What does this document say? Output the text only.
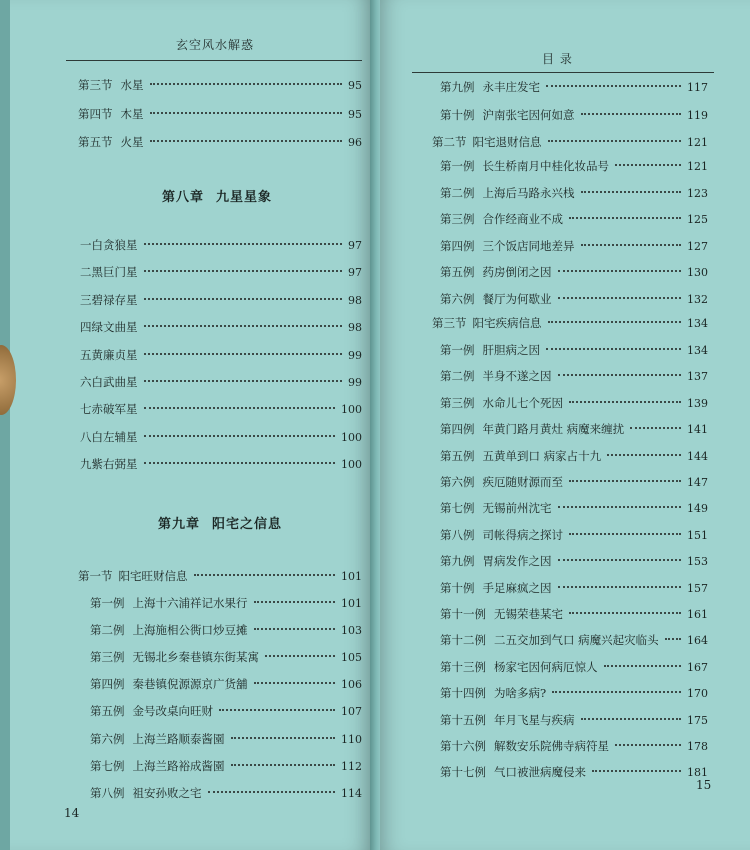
玄空风水解惑
第三节 水星	95
第四节 木星	95
第五节 火星	96
第八章 九星星象
一白贪狼星	97
二黑巨门星	97
三碧禄存星	98
四绿文曲星	98
五黄廉贞星	99
六白武曲星	99
七赤破军星	100
八白左辅星	100
九紫右弼星	100
第九章 阳宅之信息
第一节 阳宅旺财信息	101
第一例 上海十六浦祥记水果行	101
第二例 上海施相公衖口炒豆摊	103
第三例 无锡北乡秦巷镇东街某寓	105
第四例 秦巷镇倪源源京广货舖	106
第五例 金号改桌向旺财	107
第六例 上海兰路顺泰酱園	110
第七例 上海兰路裕成酱園	112
第八例 祖安孙败之宅	114
14
目 录
第九例 永丰庄发宅	117
第十例 沪南张宅因何如意	119
第二节 阳宅退财信息	121
第一例 长生桥南月中桂化妆品号	121
第二例 上海后马路永兴栈	123
第三例 合作经商业不成	125
第四例 三个饭店同地差异	127
第五例 药房倒闭之因	130
第六例 餐厅为何歇业	132
第三节 阳宅疾病信息	134
第一例 肝胆病之因	134
第二例 半身不遂之因	137
第三例 水命儿七个死因	139
第四例 年黄门路月黄灶 病魔来缠扰	141
第五例 五黄单到口 病家占十九	144
第六例 疾厄随财源而至	147
第七例 无锡前州沈宅	149
第八例 司帐得病之探讨	151
第九例 胃病发作之因	153
第十例 手足麻疯之因	157
第十一例 无锡荣巷某宅	161
第十二例 二五交加到气口 病魔兴起灾临头	164
第十三例 杨家宅因何病厄惊人	167
第十四例 为啥多病?	170
第十五例 年月飞星与疾病	175
第十六例 解数安乐院佛寺病符星	178
第十七例 气口被泄病魔侵来	181
15
